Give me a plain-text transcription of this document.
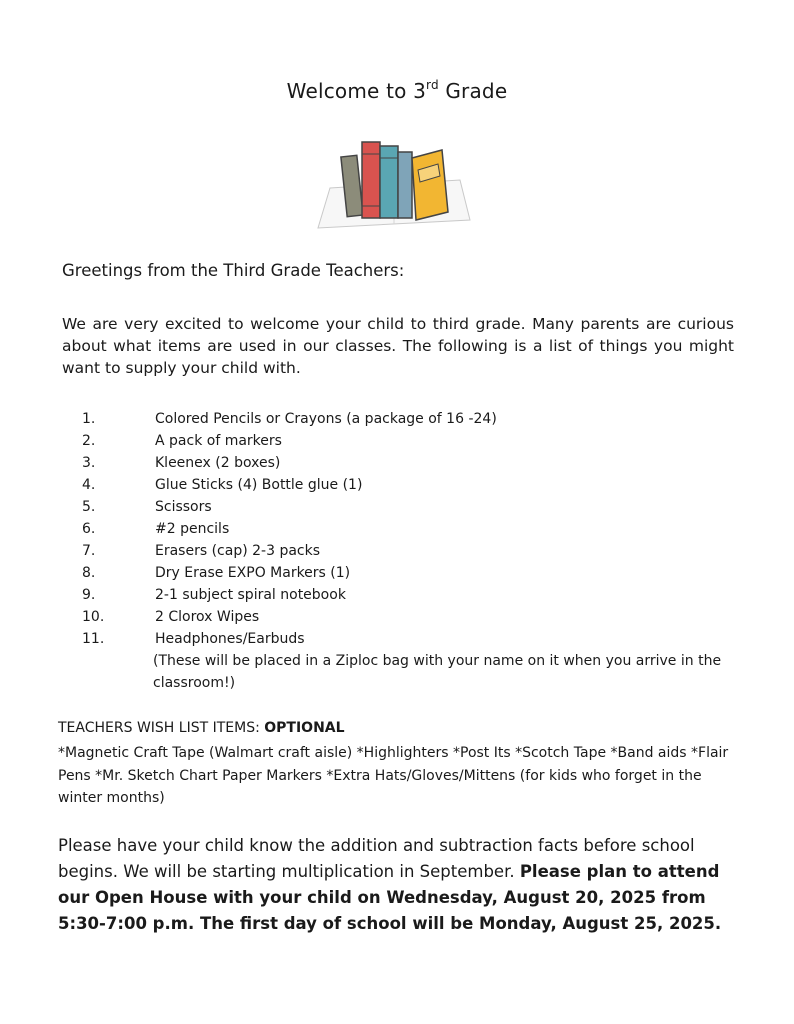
Welcome to 3rd Grade
Greetings from the Third Grade Teachers:
We are very excited to welcome your child to third grade. Many parents are curious about what items are used in our classes. The following is a list of things you might want to supply your child with.
1.	Colored Pencils or Crayons (a package of 16 -24)
2.	A pack of markers
3.	Kleenex (2 boxes)
4.	Glue Sticks (4) Bottle glue (1)
5.	Scissors
6.	#2 pencils
7.	Erasers (cap) 2-3 packs
8.	Dry Erase EXPO Markers (1)
9.	2-1 subject spiral notebook
10.	2 Clorox Wipes
11.	Headphones/Earbuds
(These will be placed in a Ziploc bag with your name on it when you arrive in the classroom!)
TEACHERS WISH LIST ITEMS: OPTIONAL
*Magnetic Craft Tape (Walmart craft aisle) *Highlighters *Post Its *Scotch Tape *Band aids *Flair Pens *Mr. Sketch Chart Paper Markers *Extra Hats/Gloves/Mittens (for kids who forget in the winter months)
Please have your child know the addition and subtraction facts before school begins. We will be starting multiplication in September. Please plan to attend our Open House with your child on Wednesday, August 20, 2025 from 5:30-7:00 p.m. The first day of school will be Monday, August 25, 2025.
